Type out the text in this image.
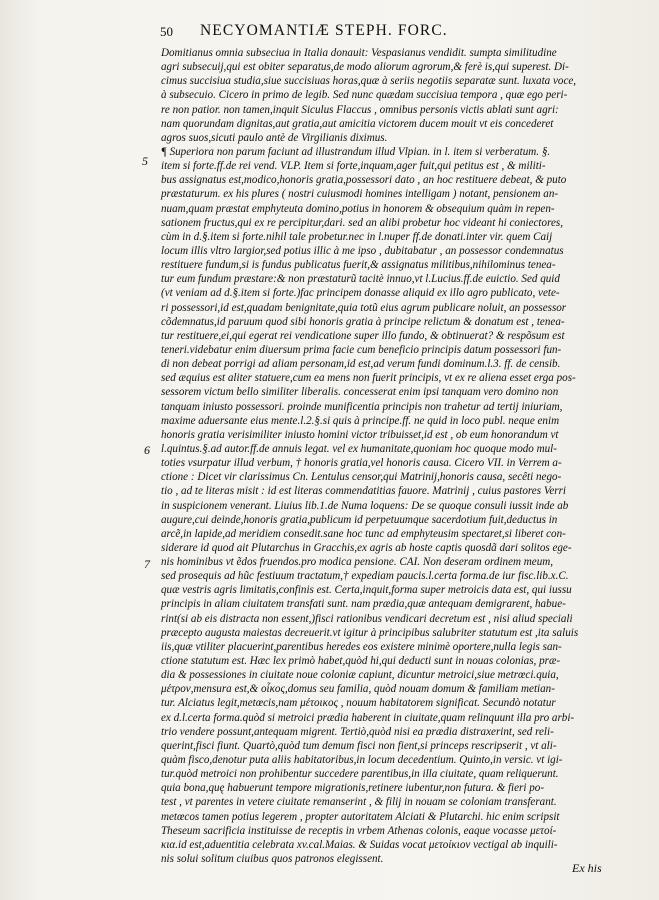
50 NECYOMANTIÆ STEPH. FORC.
5
6
7
Domitianus omnia subseciua in Italia donauit: Vespasianus vendidit. sumpta similitudine
agri subsecuij,qui est obiter separatus,de modo aliorum agrorum,& ferè is,qui superest. Di-
cimus succisiua studia,siue succisiuas horas,quæ à seriis negotiis separatæ sunt. luxata voce,
à subsecuio. Cicero in primo de legib. Sed nunc quædam succisiua tempora , quæ ego peri-
re non patior. non tamen,inquit Siculus Flaccus , omnibus personis victis ablati sunt agri:
nam quorundam dignitas,aut gratia,aut amicitia victorem ducem mouit vt eis concederet
agros suos,sicuti paulo antè de Virgilianis diximus.
¶ Superiora non parum faciunt ad illustrandum illud Vlpian. in l. item si verberatum. §.
item si forte.ff.de rei vend. VLP. Item si forte,inquam,ager fuit,qui petitus est , & militi-
bus assignatus est,modico,honoris gratia,possessori dato , an hoc restituere debeat, & puto
præstaturum. ex his plures ( nostri cuiusmodi homines intelligam ) notant, pensionem an-
nuam,quam præstat emphyteuta domino,potius in honorem & obsequium quàm in repen-
sationem fructus,qui ex re percipitur,dari. sed an alibi probetur hoc videant hi coniectores,
cùm in d.§.item si forte.nihil tale probetur.nec in l.nuper ff.de donati.inter vir. quem Caij
locum illis vltro largior,sed potius illic à me ipso , dubitabatur , an possessor condemnatus
restituere fundum,si is fundus publicatus fuerit,& assignatus militibus,nihilominus tenea-
tur eum fundum præstare:& non præstaturũ tacitè innuo,vt l.Lucius.ff.de euictio. Sed quid
(vt veniam ad d.§.item si forte.)fac principem donasse aliquid ex illo agro publicato, vete-
ri possessori,id est,quadam benignitate,quia totũ eius agrum publicare noluit, an possessor
cõdemnatus,id paruum quod sibi honoris gratia à principe relictum & donatum est , tenea-
tur restituere,ei,qui egerat rei vendicatione super illo fundo, & obtinuerat? & respõsum est
teneri.videbatur enim diuersum prima facie cum beneficio principis datum possessori fun-
di non debeat porrigi ad aliam personam,id est,ad verum fundi dominum.l.3. ff. de censib.
sed æquius est aliter statuere,cum ea mens non fuerit principis, vt ex re aliena esset erga pos-
sessorem victum bello similiter liberalis. concesserat enim ipsi tanquam vero domino non
tanquam iniusto possessori. proinde munificentia principis non trahetur ad tertij iniuriam,
maxime aduersante eius mente.l.2.§.si quis à principe.ff. ne quid in loco publ. neque enim
honoris gratia verisimiliter iniusto homini victor tribuisset,id est , ob eum honorandum vt
l.quintus.§.ad autor.ff.de annuis legat. vel ex humanitate,quoniam hoc quoque modo mul-
toties vsurpatur illud verbum, † honoris gratia,vel honoris causa. Cicero VII. in Verrem a-
ctione : Dicet vir clarissimus Cn. Lentulus censor,qui Matrinij,honoris causa, secêti nego-
tio , ad te literas misit : id est literas commendatitias fauore. Matrinij , cuius pastores Verri
in suspicionem venerant. Liuius lib.1.de Numa loquens: De se quoque consuli iussit inde ab
augure,cui deinde,honoris gratia,publicum id perpetuumque sacerdotium fuit,deductus in
arcẽ,in lapide,ad meridiem consedit.sane hoc tunc ad emphyteusim spectaret,si liberet con-
siderare id quod ait Plutarchus in Gracchis,ex agris ab hoste captis quosdã dari solitos ege-
nis hominibus vt ẽdos fruendos.pro modica pensione. CAI. Non deseram ordinem meum,
sed prosequis ad hũc festiuum tractatum,† expediam paucis.l.certa forma.de iur fisc.lib.x.C.
quæ vestris agris limitatis,confinis est. Certa,inquit,forma super metroicis data est, qui iussu
principis in aliam ciuitatem transfati sunt. nam prædia,quæ antequam demigrarent, habue-
rint(si ab eis distracta non essent,)fisci rationibus vendicari decretum est , nisi aliud speciali
præcepto augusta maiestas decreuerit.vt igitur à principibus salubriter statutum est ,ita saluis
iis,quæ vtiliter placuerint,parentibus heredes eos existere minimè oportere,nulla legis san-
ctione statutum est. Hæc lex primò habet,quòd hi,qui deducti sunt in nouas colonias, præ-
dia & possessiones in ciuitate noue coloniæ capiunt, dicuntur metroici,siue metrœci.quia,
μέτρον,mensura est,& οἶκος,domus seu familia, quòd nouam domum & familiam metian-
tur. Alciatus legit,metœcis,nam μέτοικος , nouum habitatorem significat. Secundò notatur
ex d.l.certa forma.quòd si metroici prædia haberent in ciuitate,quam relinquunt illa pro arbi-
trio vendere possunt,antequam migrent. Tertiò,quòd nisi ea prædia distraxerint, sed reli-
querint,fisci fiunt. Quartò,quòd tum demum fisci non fient,si princeps rescripserit , vt ali-
quàm fisco,denotur puta aliis habitatoribus,in locum decedentium. Quinto,in versic. vt igi-
tur.quòd metroici non prohibentur succedere parentibus,in illa ciuitate, quam reliquerunt.
quia bona,quę habuerunt tempore migrationis,retinere iubentur,non futura. & fieri po-
test , vt parentes in vetere ciuitate remanserint , & filij in nouam se coloniam transferant.
metœcos tamen potius legerem , propter autoritatem Alciati & Plutarchi. hic enim scripsit
Theseum sacrificia instituisse de receptis in vrbem Athenas colonis, eaque vocasse μετοί-
κια.id est,aduentitia celebrata xv.cal.Maias. & Suidas vocat μετοίκιον vectigal ab inquili-
nis solui solitum ciuibus quos patronos elegissent.
Ex his
